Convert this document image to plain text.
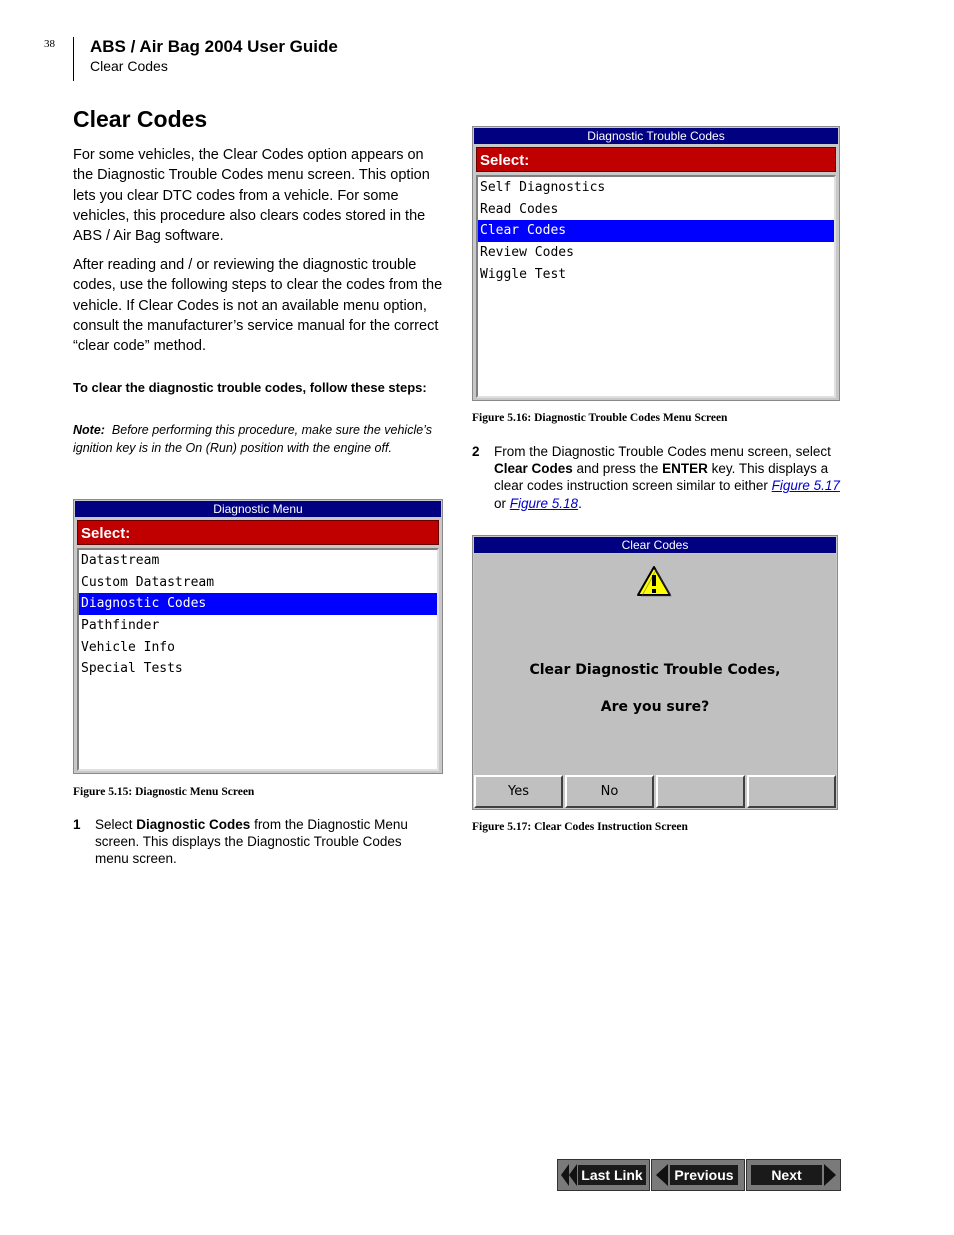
38 ABS / Air Bag 2004 User Guide
Clear Codes
Clear Codes
For some vehicles, the Clear Codes option appears on the Diagnostic Trouble Codes menu screen. This option lets you clear DTC codes from a vehicle. For some vehicles, this procedure also clears codes stored in the ABS / Air Bag software.
After reading and / or reviewing the diagnostic trouble codes, use the following steps to clear the codes from the vehicle. If Clear Codes is not an available menu option, consult the manufacturer’s service manual for the correct “clear code” method.
To clear the diagnostic trouble codes, follow these steps:
Note: Before performing this procedure, make sure the vehicle’s ignition key is in the On (Run) position with the engine off.
Diagnostic Menu
Select:
Datastream
Custom Datastream
Diagnostic Codes
Pathfinder
Vehicle Info
Special Tests
Figure 5.15: Diagnostic Menu Screen
1 Select Diagnostic Codes from the Diagnostic Menu screen. This displays the Diagnostic Trouble Codes menu screen.
Diagnostic Trouble Codes
Select:
Self Diagnostics
Read Codes
Clear Codes
Review Codes
Wiggle Test
Figure 5.16: Diagnostic Trouble Codes Menu Screen
2 From the Diagnostic Trouble Codes menu screen, select Clear Codes and press the ENTER key. This displays a clear codes instruction screen similar to either Figure 5.17 or Figure 5.18.
Clear Codes
Clear Diagnostic Trouble Codes,
Are you sure?
Yes	No
Figure 5.17: Clear Codes Instruction Screen
Last Link	Previous	Next
